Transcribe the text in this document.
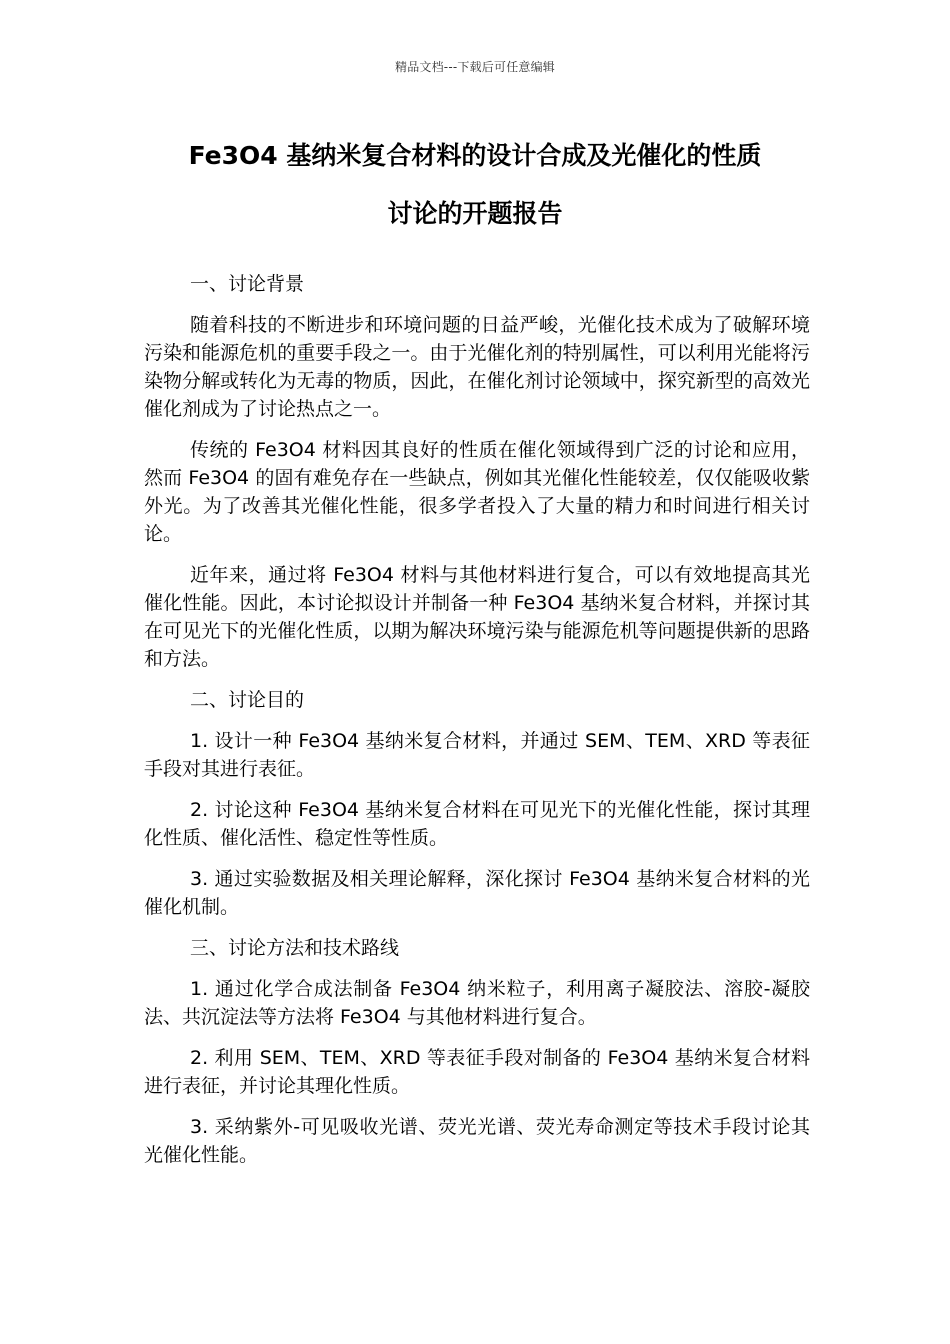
精品文档---下载后可任意编辑
Fe3O4 基纳米复合材料的设计合成及光催化的性质
讨论的开题报告

一、讨论背景

随着科技的不断进步和环境问题的日益严峻，光催化技术成为了破解环境污染和能源危机的重要手段之一。由于光催化剂的特别属性，可以利用光能将污染物分解或转化为无毒的物质，因此，在催化剂讨论领域中，探究新型的高效光催化剂成为了讨论热点之一。

传统的 Fe3O4 材料因其良好的性质在催化领域得到广泛的讨论和应用，然而 Fe3O4 的固有难免存在一些缺点，例如其光催化性能较差，仅仅能吸收紫外光。为了改善其光催化性能，很多学者投入了大量的精力和时间进行相关讨论。

近年来，通过将 Fe3O4 材料与其他材料进行复合，可以有效地提高其光催化性能。因此，本讨论拟设计并制备一种 Fe3O4 基纳米复合材料，并探讨其在可见光下的光催化性质，以期为解决环境污染与能源危机等问题提供新的思路和方法。

二、讨论目的

1. 设计一种 Fe3O4 基纳米复合材料，并通过 SEM、TEM、XRD 等表征手段对其进行表征。

2. 讨论这种 Fe3O4 基纳米复合材料在可见光下的光催化性能，探讨其理化性质、催化活性、稳定性等性质。

3. 通过实验数据及相关理论解释，深化探讨 Fe3O4 基纳米复合材料的光催化机制。

三、讨论方法和技术路线

1. 通过化学合成法制备 Fe3O4 纳米粒子，利用离子凝胶法、溶胶-凝胶法、共沉淀法等方法将 Fe3O4 与其他材料进行复合。

2. 利用 SEM、TEM、XRD 等表征手段对制备的 Fe3O4 基纳米复合材料进行表征，并讨论其理化性质。

3. 采纳紫外-可见吸收光谱、荧光光谱、荧光寿命测定等技术手段讨论其光催化性能。
